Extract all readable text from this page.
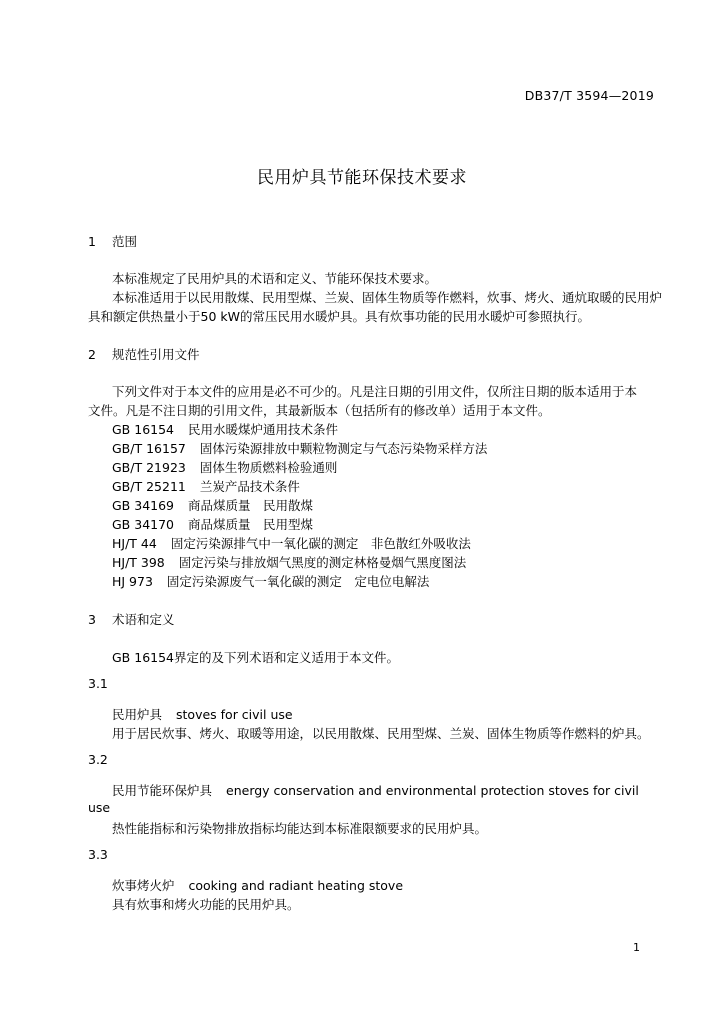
DB37/T 3594—2019
民用炉具节能环保技术要求
1 范围
本标准规定了民用炉具的术语和定义、节能环保技术要求。
本标准适用于以民用散煤、民用型煤、兰炭、固体生物质等作燃料，炊事、烤火、通炕取暖的民用炉
具和额定供热量小于50 kW的常压民用水暖炉具。具有炊事功能的民用水暖炉可参照执行。
2 规范性引用文件
下列文件对于本文件的应用是必不可少的。凡是注日期的引用文件，仅所注日期的版本适用于本
文件。凡是不注日期的引用文件，其最新版本（包括所有的修改单）适用于本文件。
GB 16154 民用水暖煤炉通用技术条件
GB/T 16157 固体污染源排放中颗粒物测定与气态污染物采样方法
GB/T 21923 固体生物质燃料检验通则
GB/T 25211 兰炭产品技术条件
GB 34169 商品煤质量　民用散煤
GB 34170 商品煤质量　民用型煤
HJ/T 44 固定污染源排气中一氧化碳的测定　非色散红外吸收法
HJ/T 398 固定污染与排放烟气黑度的测定林格曼烟气黑度图法
HJ 973 固定污染源废气一氧化碳的测定　定电位电解法
3 术语和定义
GB 16154界定的及下列术语和定义适用于本文件。
3.1
民用炉具 stoves for civil use
用于居民炊事、烤火、取暖等用途，以民用散煤、民用型煤、兰炭、固体生物质等作燃料的炉具。
3.2
民用节能环保炉具 energy conservation and environmental protection stoves for civil
use
热性能指标和污染物排放指标均能达到本标准限额要求的民用炉具。
3.3
炊事烤火炉 cooking and radiant heating stove
具有炊事和烤火功能的民用炉具。
1
